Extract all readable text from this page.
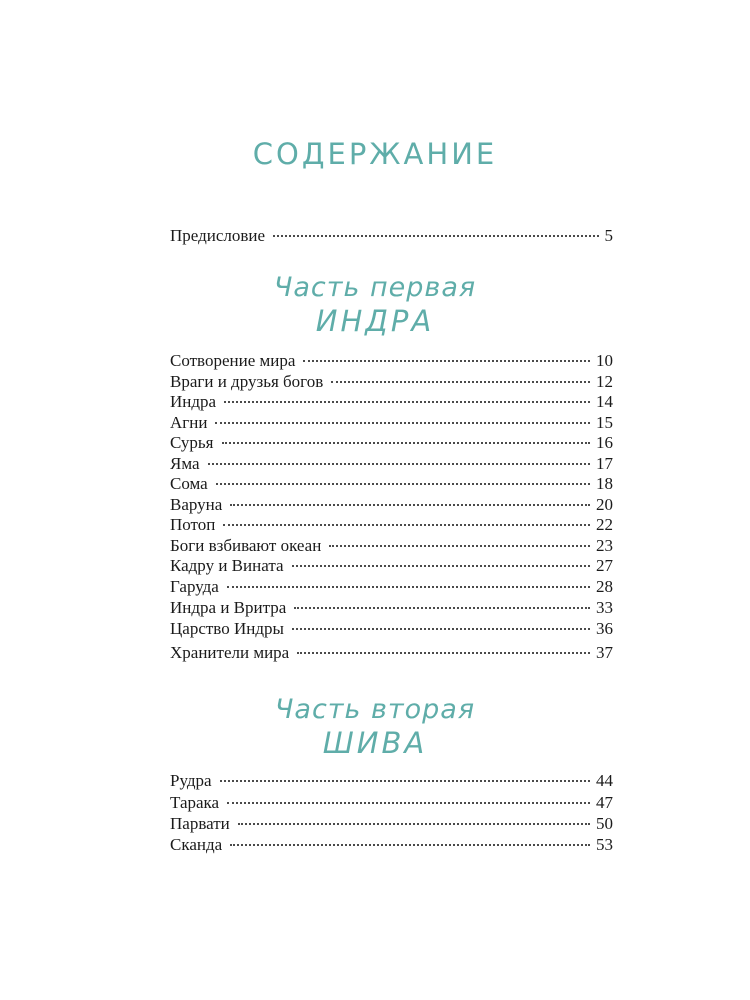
СОДЕРЖАНИЕ
Предисловие	5
Часть первая
ИНДРА
Сотворение мира	10
Враги и друзья богов	12
Индра	14
Агни	15
Сурья	16
Яма	17
Сома	18
Варуна	20
Потоп	22
Боги взбивают океан	23
Кадру и Вината	27
Гаруда	28
Индра и Вритра	33
Царство Индры	36
Хранители мира	37
Часть вторая
ШИВА
Рудра	44
Тарака	47
Парвати	50
Сканда	53
